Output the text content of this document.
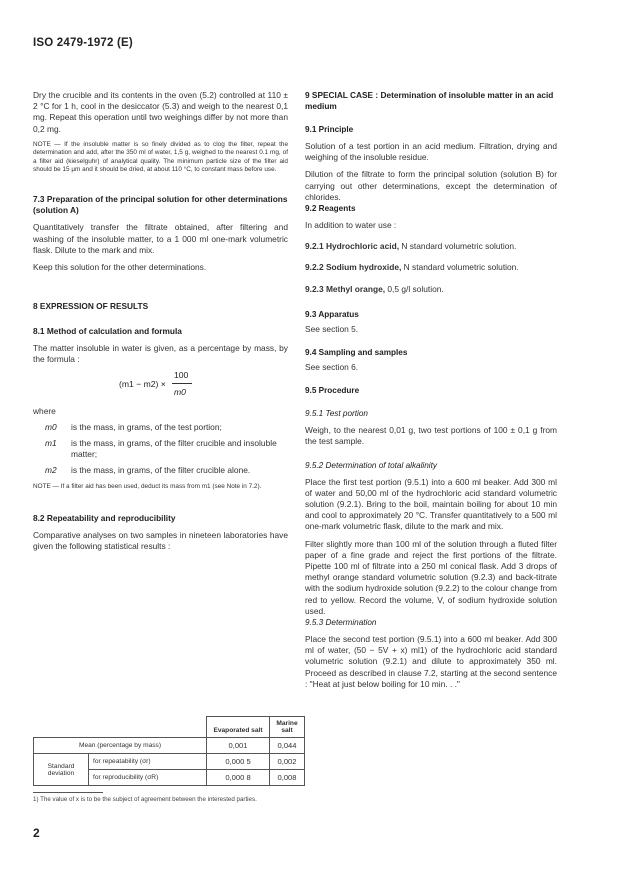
ISO 2479-1972 (E)

Dry the crucible and its contents in the oven (5.2) controlled at 110 ± 2 °C for 1 h, cool in the desiccator (5.3) and weigh to the nearest 0,1 mg. Repeat this operation until two weighings differ by not more than 0,2 mg.

NOTE — If the insoluble matter is so finely divided as to clog the filter, repeat the determination and add, after the 350 ml of water, 1,5 g, weighed to the nearest 0.1 mg, of a filter aid (kieselguhr) of analytical quality. The minimum particle size of the filter aid should be 15 µm and it should be dried, at about 110 °C, to constant mass before use.

7.3 Preparation of the principal solution for other determinations (solution A)

Quantitatively transfer the filtrate obtained, after filtering and washing of the insoluble matter, to a 1 000 ml one-mark volumetric flask. Dilute to the mark and mix.

Keep this solution for the other determinations.

8 EXPRESSION OF RESULTS
8.1 Method of calculation and formula

The matter insoluble in water is given, as a percentage by mass, by the formula :

(m1 − m2) ×
100
m0

where

m0	is the mass, in grams, of the test portion;
m1	is the mass, in grams, of the filter crucible and insoluble matter;
m2	is the mass, in grams, of the filter crucible alone.

NOTE — If a filter aid has been used, deduct its mass from m1 (see Note in 7.2).

8.2 Repeatability and reproducibility

Comparative analyses on two samples in nineteen laboratories have given the following statistical results :

		Evaporated salt	Marine salt
Mean (percentage by mass)		0,001	0,044
Standard deviation	for repeatability (σr)	0,000 5	0,002
	for reproducibility (σR)	0,000 8	0,008
9 SPECIAL CASE : Determination of insoluble matter in an acid medium
9.1 Principle

Solution of a test portion in an acid medium. Filtration, drying and weighing of the insoluble residue.

Dilution of the filtrate to form the principal solution (solution B) for carrying out other determinations, except the determination of chlorides.

9.2 Reagents

In addition to water use :

9.2.1 Hydrochloric acid, N standard volumetric solution.

9.2.2 Sodium hydroxide, N standard volumetric solution.

9.2.3 Methyl orange, 0,5 g/l solution.

9.3 Apparatus

See section 5.

9.4 Sampling and samples

See section 6.

9.5 Procedure
9.5.1 Test portion

Weigh, to the nearest 0,01 g, two test portions of 100 ± 0,1 g from the test sample.

9.5.2 Determination of total alkalinity

Place the first test portion (9.5.1) into a 600 ml beaker. Add 300 ml of water and 50,00 ml of the hydrochloric acid standard volumetric solution (9.2.1). Bring to the boil, maintain boiling for about 10 min and cool to approximately 20 °C. Transfer quantitatively to a 500 ml one-mark volumetric flask, dilute to the mark and mix.

Filter slightly more than 100 ml of the solution through a fluted filter paper of a fine grade and reject the first portions of the filtrate. Pipette 100 ml of filtrate into a 250 ml conical flask. Add 3 drops of methyl orange standard volumetric solution (9.2.3) and back-titrate with the sodium hydroxide solution (9.2.2) to the colour change from red to yellow. Record the volume, V, of sodium hydroxide solution used.

9.5.3 Determination

Place the second test portion (9.5.1) into a 600 ml beaker. Add 300 ml of water, (50 − 5V + x) ml1) of the hydrochloric acid standard volumetric solution (9.2.1) and dilute to approximately 350 ml. Proceed as described in clause 7.2, starting at the second sentence : "Heat at just below boiling for 10 min. . ."

1) The value of x is to be the subject of agreement between the interested parties.
2
